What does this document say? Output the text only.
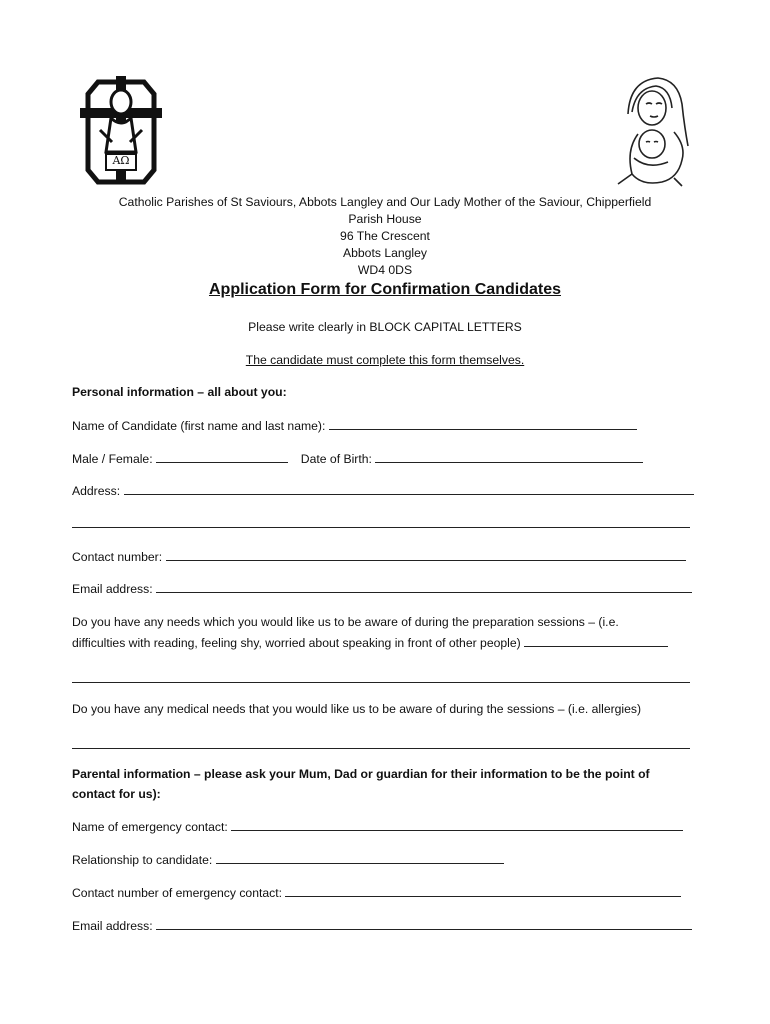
AΩ
Catholic Parishes of St Saviours, Abbots Langley and Our Lady Mother of the Saviour, Chipperfield
Parish House
96 The Crescent
Abbots Langley
WD4 0DS
Application Form for Confirmation Candidates
Please write clearly in BLOCK CAPITAL LETTERS
The candidate must complete this form themselves.
Personal information – all about you:
Name of Candidate (first name and last name):
Male / Female:	Date of Birth:
Address:
Contact number:
Email address:
Do you have any needs which you would like us to be aware of during the preparation sessions – (i.e.
difficulties with reading, feeling shy, worried about speaking in front of other people)
Do you have any medical needs that you would like us to be aware of during the sessions – (i.e. allergies)
Parental information – please ask your Mum, Dad or guardian for their information to be the point of
contact for us):
Name of emergency contact:
Relationship to candidate:
Contact number of emergency contact:
Email address:
